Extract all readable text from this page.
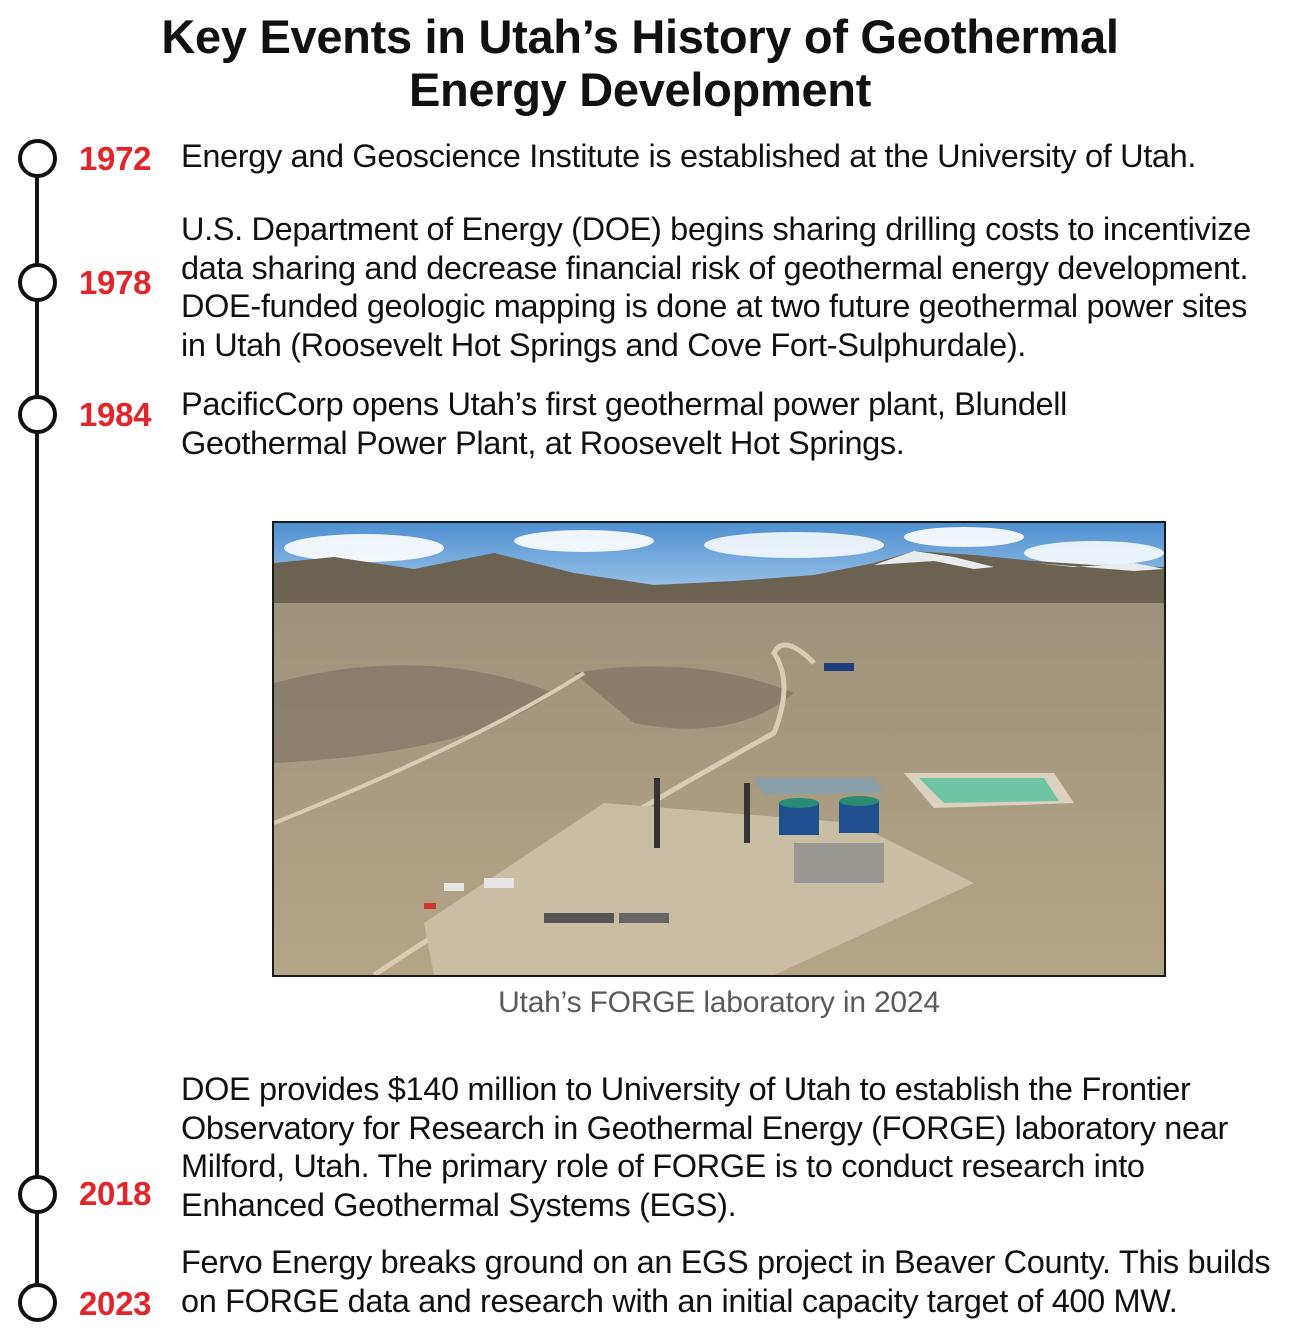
Key Events in Utah’s History of Geothermal
Energy Development
1972 Energy and Geoscience Institute is established at the University of Utah.
1978
U.S. Department of Energy (DOE) begins sharing drilling costs to incentivize
data sharing and decrease financial risk of geothermal energy development.
DOE-funded geologic mapping is done at two future geothermal power sites
in Utah (Roosevelt Hot Springs and Cove Fort-Sulphurdale).
1984 PacificCorp opens Utah’s first geothermal power plant, Blundell
Geothermal Power Plant, at Roosevelt Hot Springs.
Utah’s FORGE laboratory in 2024
2018
DOE provides $140 million to University of Utah to establish the Frontier
Observatory for Research in Geothermal Energy (FORGE) laboratory near
Milford, Utah. The primary role of FORGE is to conduct research into
Enhanced Geothermal Systems (EGS).
2023
Fervo Energy breaks ground on an EGS project in Beaver County. This builds
on FORGE data and research with an initial capacity target of 400 MW.
